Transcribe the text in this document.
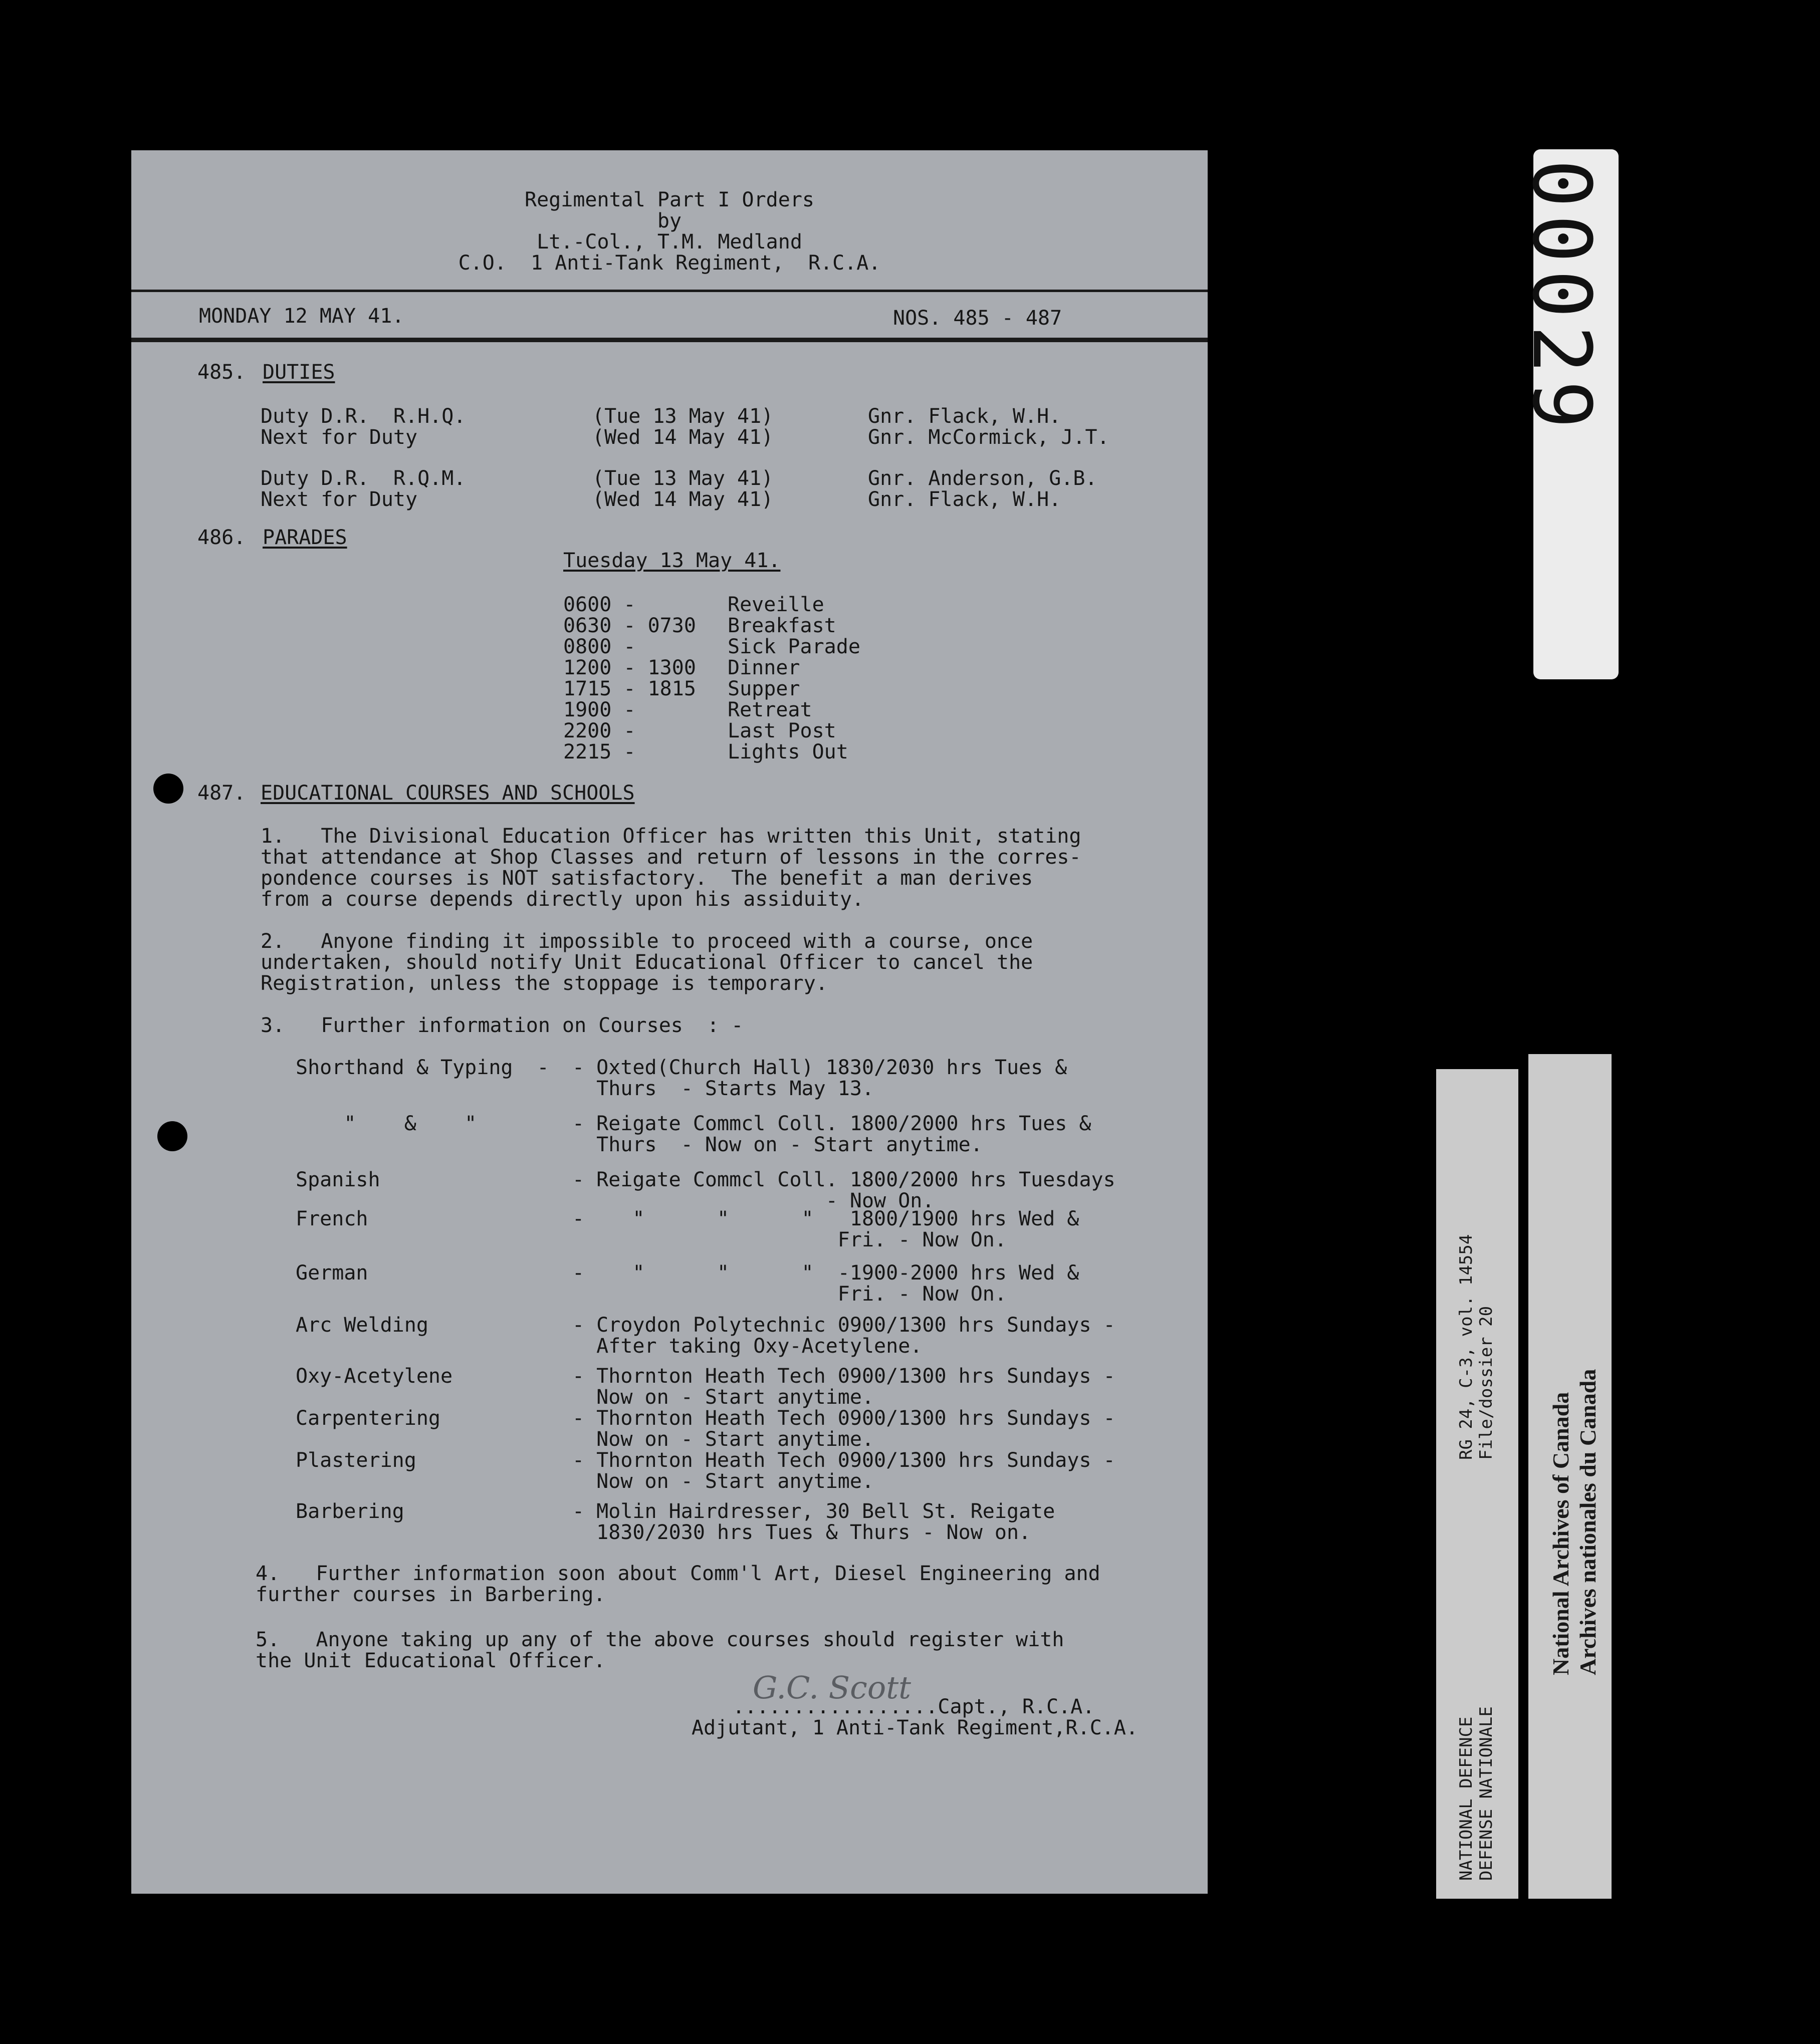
00029
Regimental Part I Orders
by
Lt.-Col., T.M. Medland
C.O.  1 Anti-Tank Regiment,  R.C.A.
MONDAY 12 MAY 41.	NOS. 485 - 487
485. DUTIES
Duty D.R.  R.H.Q.	(Tue 13 May 41)	Gnr. Flack, W.H.
Next for Duty	(Wed 14 May 41)	Gnr. McCormick, J.T.
Duty D.R.  R.Q.M.	(Tue 13 May 41)	Gnr. Anderson, G.B.
Next for Duty	(Wed 14 May 41)	Gnr. Flack, W.H.
486. PARADES
Tuesday 13 May 41.
0600 -	Reveille
0630 - 0730 Breakfast
0800 -	Sick Parade
1200 - 1300 Dinner
1715 - 1815 Supper
1900 -	Retreat
2200 -	Last Post
2215 -	Lights Out
487. EDUCATIONAL COURSES AND SCHOOLS
1.   The Divisional Education Officer has written this Unit, stating
that attendance at Shop Classes and return of lessons in the corres-
pondence courses is NOT satisfactory.  The benefit a man derives
from a course depends directly upon his assiduity.
2.   Anyone finding it impossible to proceed with a course, once
undertaken, should notify Unit Educational Officer to cancel the
Registration, unless the stoppage is temporary.
3.   Further information on Courses  : -
Shorthand & Typing  - - Oxted(Church Hall) 1830/2030 hrs Tues &
Thurs  - Starts May 13.
"    &    "	- Reigate Commcl Coll. 1800/2000 hrs Tues &
Thurs  - Now on - Start anytime.
Spanish	- Reigate Commcl Coll. 1800/2000 hrs Tuesdays
- Now On.
French	-    "      "      "   1800/1900 hrs Wed &
Fri. - Now On.
German	-    "      "      "  -1900-2000 hrs Wed &
Fri. - Now On.
Arc Welding	- Croydon Polytechnic 0900/1300 hrs Sundays -
After taking Oxy-Acetylene.
Oxy-Acetylene	- Thornton Heath Tech 0900/1300 hrs Sundays -
Now on - Start anytime.
Carpentering	- Thornton Heath Tech 0900/1300 hrs Sundays -
Now on - Start anytime.
Plastering	- Thornton Heath Tech 0900/1300 hrs Sundays -
Now on - Start anytime.
Barbering	- Molin Hairdresser, 30 Bell St. Reigate
1830/2030 hrs Tues & Thurs - Now on.
4.   Further information soon about Comm'l Art, Diesel Engineering and
further courses in Barbering.
5.   Anyone taking up any of the above courses should register with
the Unit Educational Officer.
G.C. Scott
.................Capt., R.C.A.
Adjutant, 1 Anti-Tank Regiment,R.C.A.	NATIONAL DEFENCE DEFENSE NATIONALE
RG 24, C-3, vol. 14554 File/dossier 20
National Archives of Canada Archives nationales du Canada
